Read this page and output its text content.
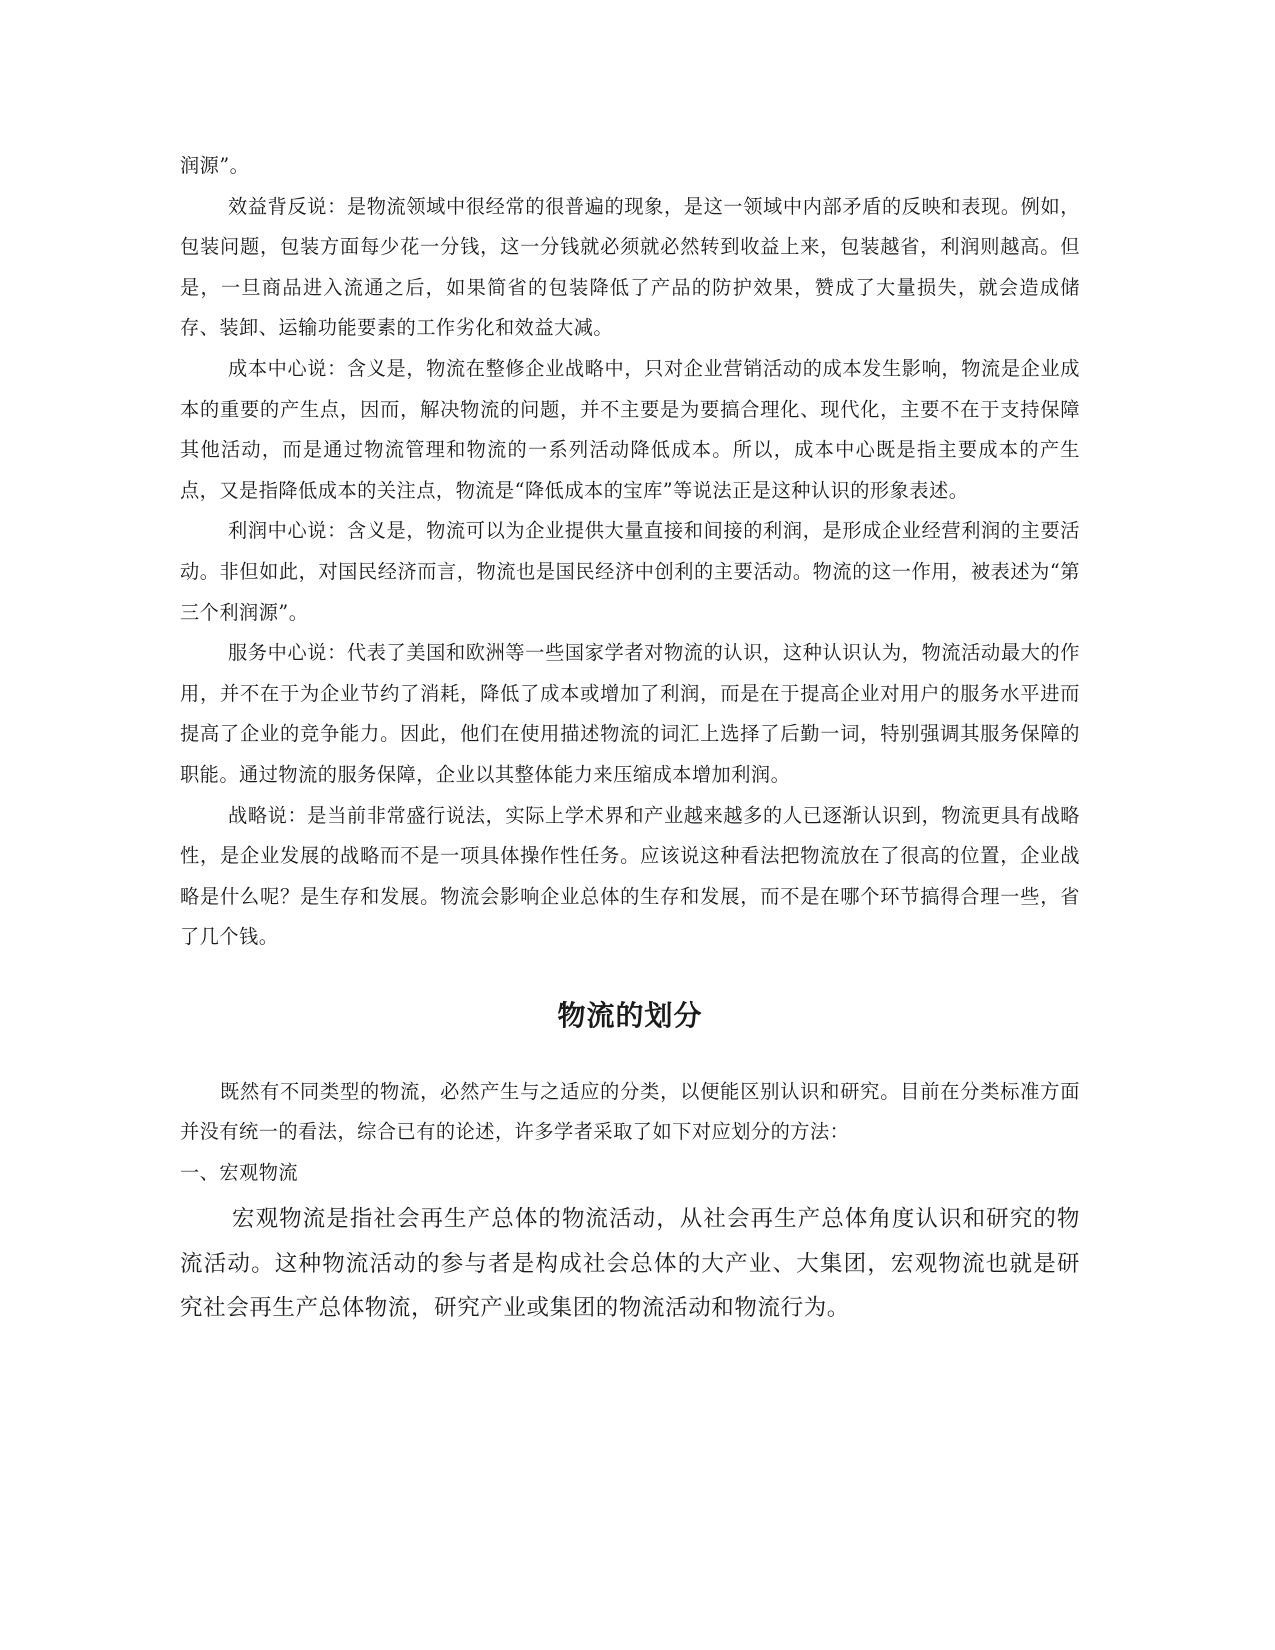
润源”。

效益背反说：是物流领域中很经常的很普遍的现象，是这一领域中内部矛盾的反映和表现。例如，包装问题，包装方面每少花一分钱，这一分钱就必须就必然转到收益上来，包装越省，利润则越高。但是，一旦商品进入流通之后，如果简省的包装降低了产品的防护效果，赞成了大量损失，就会造成储存、装卸、运输功能要素的工作劣化和效益大减。

成本中心说：含义是，物流在整修企业战略中，只对企业营销活动的成本发生影响，物流是企业成本的重要的产生点，因而，解决物流的问题，并不主要是为要搞合理化、现代化，主要不在于支持保障其他活动，而是通过物流管理和物流的一系列活动降低成本。所以，成本中心既是指主要成本的产生点，又是指降低成本的关注点，物流是“降低成本的宝库”等说法正是这种认识的形象表述。

利润中心说：含义是，物流可以为企业提供大量直接和间接的利润，是形成企业经营利润的主要活动。非但如此，对国民经济而言，物流也是国民经济中创利的主要活动。物流的这一作用，被表述为“第三个利润源”。

服务中心说：代表了美国和欧洲等一些国家学者对物流的认识，这种认识认为，物流活动最大的作用，并不在于为企业节约了消耗，降低了成本或增加了利润，而是在于提高企业对用户的服务水平进而提高了企业的竞争能力。因此，他们在使用描述物流的词汇上选择了后勤一词，特别强调其服务保障的职能。通过物流的服务保障，企业以其整体能力来压缩成本增加利润。

战略说：是当前非常盛行说法，实际上学术界和产业越来越多的人已逐渐认识到，物流更具有战略性，是企业发展的战略而不是一项具体操作性任务。应该说这种看法把物流放在了很高的位置，企业战略是什么呢？是生存和发展。物流会影响企业总体的生存和发展，而不是在哪个环节搞得合理一些，省了几个钱。

物流的划分

既然有不同类型的物流，必然产生与之适应的分类，以便能区别认识和研究。目前在分类标准方面并没有统一的看法，综合已有的论述，许多学者采取了如下对应划分的方法：

一、宏观物流

宏观物流是指社会再生产总体的物流活动，从社会再生产总体角度认识和研究的物流活动。这种物流活动的参与者是构成社会总体的大产业、大集团，宏观物流也就是研究社会再生产总体物流，研究产业或集团的物流活动和物流行为。
